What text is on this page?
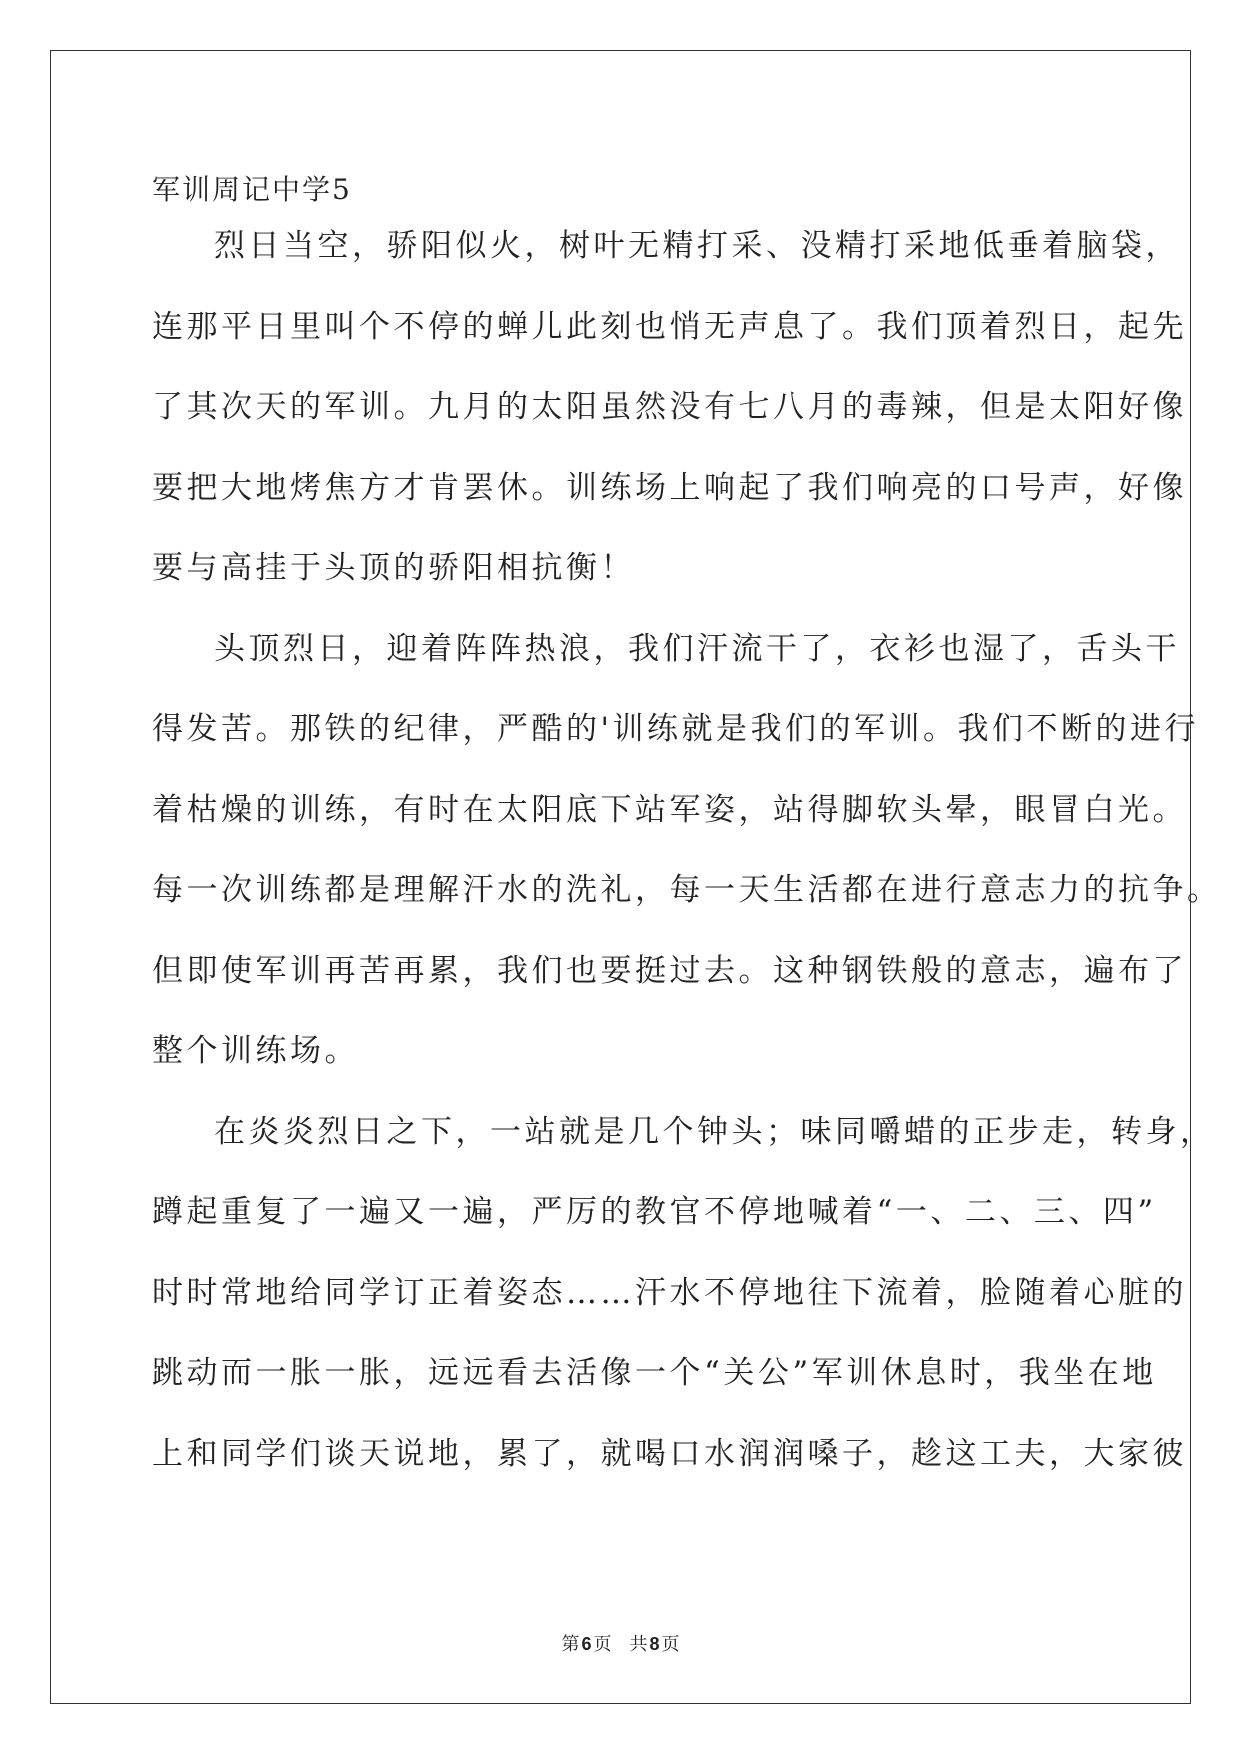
军训周记中学5
烈日当空，骄阳似火，树叶无精打采、没精打采地低垂着脑袋，
连那平日里叫个不停的蝉儿此刻也悄无声息了。我们顶着烈日，起先
了其次天的军训。九月的太阳虽然没有七八月的毒辣，但是太阳好像
要把大地烤焦方才肯罢休。训练场上响起了我们响亮的口号声，好像
要与高挂于头顶的骄阳相抗衡！
头顶烈日，迎着阵阵热浪，我们汗流干了，衣衫也湿了，舌头干
得发苦。那铁的纪律，严酷的'训练就是我们的军训。我们不断的进行
着枯燥的训练，有时在太阳底下站军姿，站得脚软头晕，眼冒白光。
每一次训练都是理解汗水的洗礼，每一天生活都在进行意志力的抗争。
但即使军训再苦再累，我们也要挺过去。这种钢铁般的意志，遍布了
整个训练场。
在炎炎烈日之下，一站就是几个钟头；味同嚼蜡的正步走，转身，
蹲起重复了一遍又一遍，严厉的教官不停地喊着“一、二、三、四”
时时常地给同学订正着姿态……汗水不停地往下流着，脸随着心脏的
跳动而一胀一胀，远远看去活像一个“关公”军训休息时，我坐在地
上和同学们谈天说地，累了，就喝口水润润嗓子，趁这工夫，大家彼
第 6 页 共 8 页
